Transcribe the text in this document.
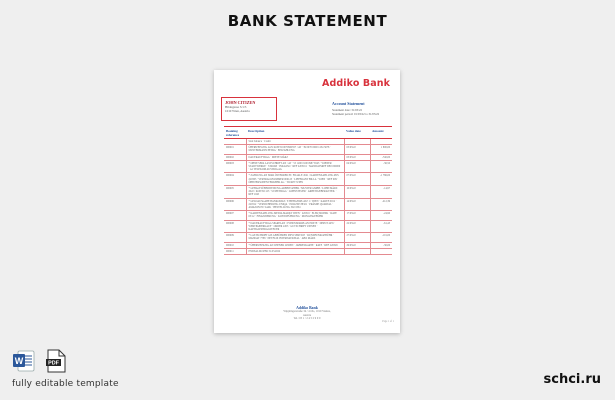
BANK STATEMENT
Addiko Bank
JOHN CITIZEN
Hildegasse 3/1/3
1010 Wien, Austria
Account Statement
Statement date: 31/03/22
Statement period: 01/03/22 to 31/03/22
Booking reference	Description	Value date	Amount
	Start balance · Credit		
000001	ÜBERWEISUNG AUS KONTO 0070900557 / AT · 39 0070 0000 1234 5678 · MUSTERMANN PETRA · EINZAHLUNG	03/03/22	1 800,00
000002	DAUERAUFTRAG · MIETE MÄRZ	03/03/22	-740,00
000003	* OHNE SEPA LASTSCHRIFT AN / AT · 55 1200 0100 0987 6543 · WIENER STADTWERKE · STROM · INKASSO · REF 2203011 · MANDATSREF DE0 000000 · A1 TELEKOM AUSTRIA AG	04/03/22	-36,50
000004	* ZAHLUNG AN SPAR ÖSTERREICH / FILIALE 4521 / KARTENZAHLUNG POS 220305 · VERTRAGSNUMMER 000123 · LIEFERANT BILLA · WIEN · REF 009 · ÖBB PERSONENVERKEHR AG · TICKET WIEN	07/03/22	-1 786,00
000005	* GEHALTSÜBERWEISUNG ARBEITGEBER / MUSTER GMBH / LOHN MÄRZ 2022 / KONTO 123 · SV-BEITRAG · LOHNSTEUER · ARBEITGEBERANTEIL · REF 1045	10/03/22	-14,97
000006	* GELDAUSGABE BANKOMAT / STEPHANSPLATZ 1 / WIEN · KARTE 0012 · 220312 · VERSICHERUNG UNIQA · POLIZZE 88321 · PRÄMIE QUARTAL · AMAZON EU SARL · BESTELLUNG 302-5561	14/03/22	-212,39
000007	* KARTENZAHLUNG MEDIA MARKT WIEN · 220316 · ELEKTRONIK · RATE 03/12 · FINANZIERUNG · KONTOFÜHRUNG · MONATSGEBÜHR	17/03/22	-24,90
000008	* DAUERAUFTRAG SPARPLAN / FONDSSPARPLAN ERSTE · DEPOT 4455 · WERTPAPIERKAUF · ORDER 2203 · GUTSCHRIFT ZINSEN · KAPITALERTRAGSTEUER	22/03/22	-61,43
000009	* LASTSCHRIFT GIS GEBÜHREN INFO SERVICE · RUNDFUNKGEBÜHR · MANDAT 7788 · NETFLIX INTERNATIONAL · ABO MÄRZ	27/03/22	-101,00
000010	* ÜBERWEISUNG AN WIENER LINIEN · JAHRESKARTE · RATE · REF 220329	29/03/22	-30,00
000011	ENDSALDO PER 31.03.2022		
Addiko Bank
Wipplingerstraße 34 / 4 OG, 1010 Vienna,
Austria
Tel.: 05 1 / 2 4 5 2 9 0 0
Page 1 of 1
W	PDF
fully editable template	schci.ru
